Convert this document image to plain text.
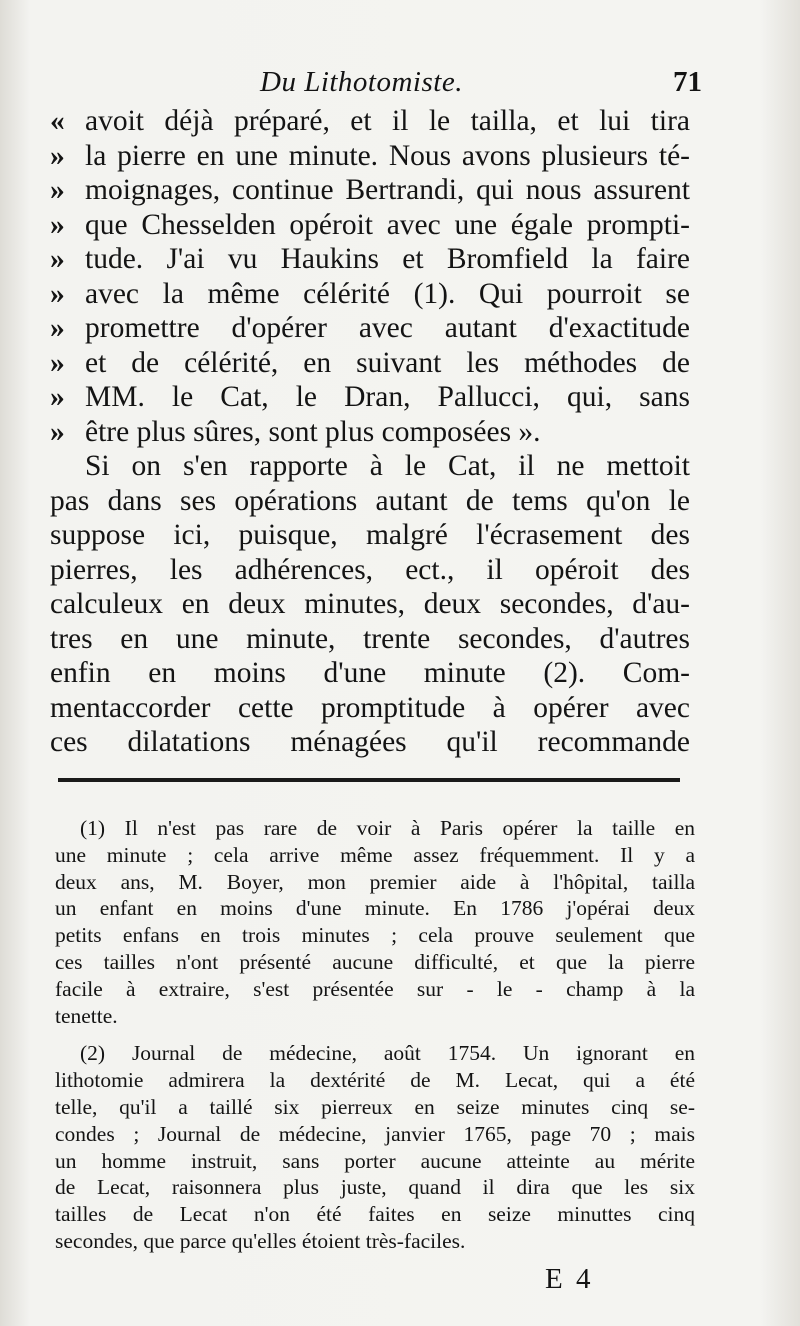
Du Lithotomiste.	71
« avoit déjà préparé, et il le tailla, et lui tira
» la pierre en une minute. Nous avons plusieurs té-
» moignages, continue Bertrandi, qui nous assurent
» que Chesselden opéroit avec une égale prompti-
» tude. J'ai vu Haukins et Bromfield la faire
» avec la même célérité (1). Qui pourroit se
» promettre d'opérer avec autant d'exactitude
» et de célérité, en suivant les méthodes de
» MM. le Cat, le Dran, Pallucci, qui, sans
» être plus sûres, sont plus composées ».
Si on s'en rapporte à le Cat, il ne mettoit
pas dans ses opérations autant de tems qu'on le
suppose ici, puisque, malgré l'écrasement des
pierres, les adhérences, ect., il opéroit des
calculeux en deux minutes, deux secondes, d'au-
tres en une minute, trente secondes, d'autres
enfin en moins d'une minute (2). Com-
mentaccorder cette promptitude à opérer avec
ces dilatations ménagées qu'il recommande
(1) Il n'est pas rare de voir à Paris opérer la taille en
une minute ; cela arrive même assez fréquemment. Il y a
deux ans, M. Boyer, mon premier aide à l'hôpital, tailla
un enfant en moins d'une minute. En 1786 j'opérai deux
petits enfans en trois minutes ; cela prouve seulement que
ces tailles n'ont présenté aucune difficulté, et que la pierre
facile à extraire, s'est présentée sur - le - champ à la
tenette.
(2) Journal de médecine, août 1754. Un ignorant en
lithotomie admirera la dextérité de M. Lecat, qui a été
telle, qu'il a taillé six pierreux en seize minutes cinq se-
condes ; Journal de médecine, janvier 1765, page 70 ; mais
un homme instruit, sans porter aucune atteinte au mérite
de Lecat, raisonnera plus juste, quand il dira que les six
tailles de Lecat n'on été faites en seize minuttes cinq
secondes, que parce qu'elles étoient très-faciles.
E 4
